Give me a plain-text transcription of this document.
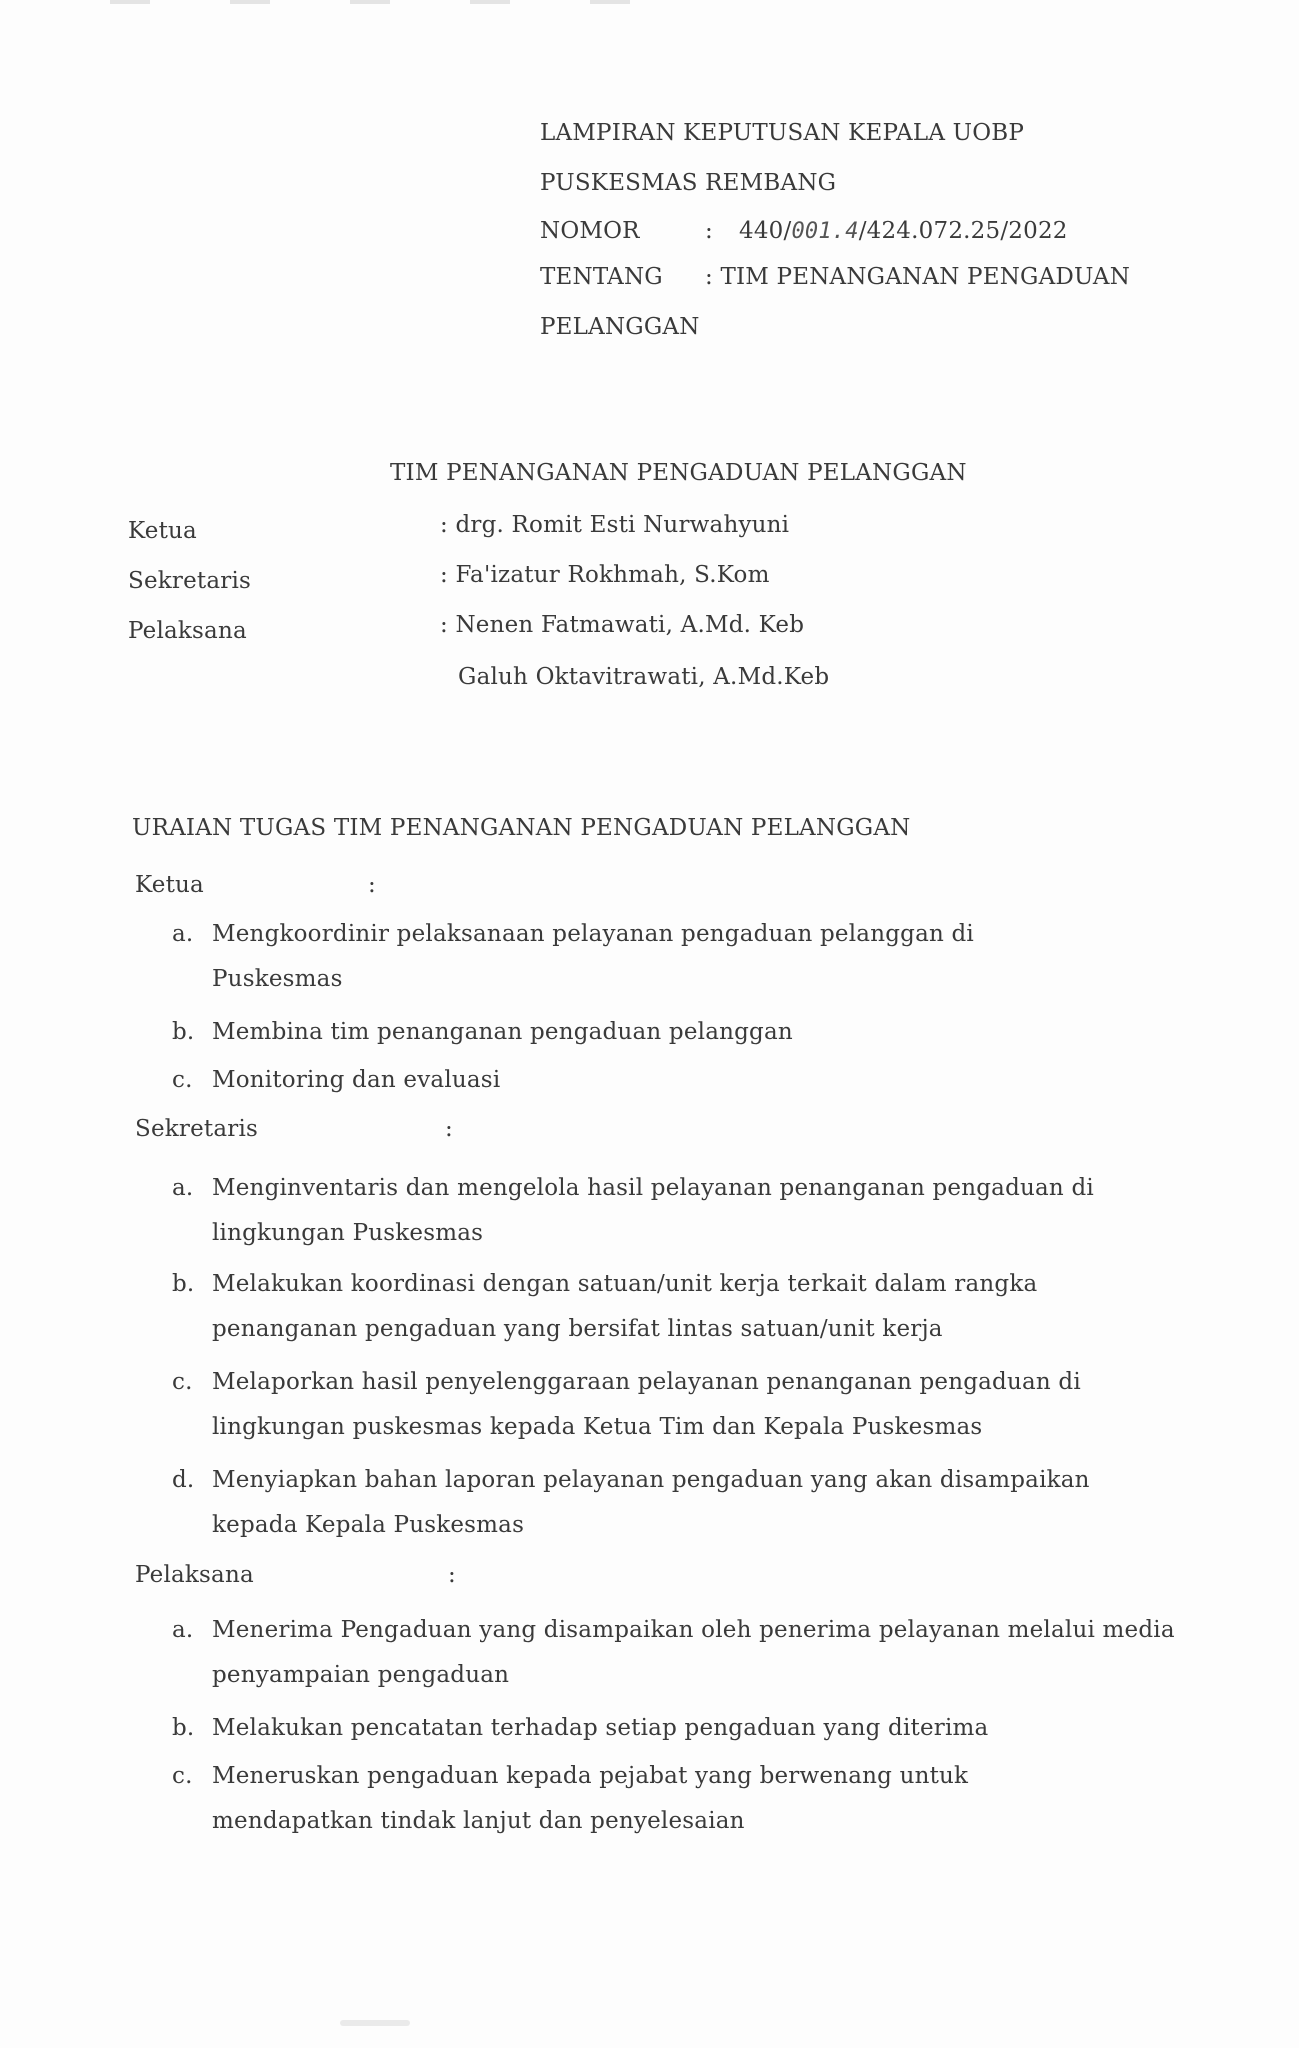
LAMPIRAN KEPUTUSAN KEPALA UOBP
PUSKESMAS REMBANG
NOMOR	: 440/001.4/424.072.25/2022
TENTANG : TIM PENANGANAN PENGADUAN
PELANGGAN
TIM PENANGANAN PENGADUAN PELANGGAN
Ketua	: drg. Romit Esti Nurwahyuni
Sekretaris	: Fa'izatur Rokhmah, S.Kom
Pelaksana	: Nenen Fatmawati, A.Md. Keb
Galuh Oktavitrawati, A.Md.Keb
URAIAN TUGAS TIM PENANGANAN PENGADUAN PELANGGAN
Ketua	:
a. Mengkoordinir pelaksanaan pelayanan pengaduan pelanggan di Puskesmas
b. Membina tim penanganan pengaduan pelanggan
c. Monitoring dan evaluasi
Sekretaris	:
a. Menginventaris dan mengelola hasil pelayanan penanganan pengaduan di lingkungan Puskesmas
b. Melakukan koordinasi dengan satuan/unit kerja terkait dalam rangka penanganan pengaduan yang bersifat lintas satuan/unit kerja
c. Melaporkan hasil penyelenggaraan pelayanan penanganan pengaduan di lingkungan puskesmas kepada Ketua Tim dan Kepala Puskesmas
d. Menyiapkan bahan laporan pelayanan pengaduan yang akan disampaikan kepada Kepala Puskesmas
Pelaksana	:
a. Menerima Pengaduan yang disampaikan oleh penerima pelayanan melalui media penyampaian pengaduan
b. Melakukan pencatatan terhadap setiap pengaduan yang diterima
c. Meneruskan pengaduan kepada pejabat yang berwenang untuk mendapatkan tindak lanjut dan penyelesaian
